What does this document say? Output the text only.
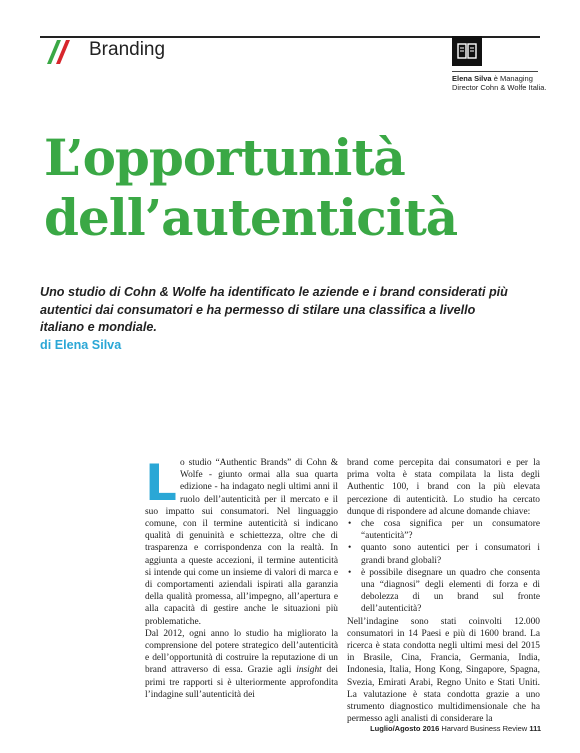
Branding
Elena Silva è Managing Director Cohn & Wolfe Italia.
L’opportunità
dell’autenticità
Uno studio di Cohn & Wolfe ha identificato le aziende e i brand considerati più autentici dai consumatori e ha permesso di stilare una classifica a livello italiano e mondiale.
di Elena Silva
L o studio “Authentic Brands” di Cohn & Wolfe - giunto ormai alla sua quarta edizione - ha indagato negli ultimi anni il ruolo dell’autenticità per il mercato e il suo impatto sui consumatori. Nel linguaggio comune, con il termine autenticità si indicano qualità di genuinità e schiettezza, oltre che di trasparenza e corrispondenza con la realtà. In aggiunta a queste accezioni, il termine autenticità si intende qui come un insieme di valori di marca e di comportamenti aziendali ispirati alla garanzia della qualità promessa, all’impegno, all’apertura e alla capacità di gestire anche le situazioni più problematiche.

Dal 2012, ogni anno lo studio ha migliorato la comprensione del potere strategico dell’autenticità e dell’opportunità di costruire la reputazione di un brand attraverso di essa. Grazie agli insight dei primi tre rapporti si è ulteriormente approfondita l’indagine sull’autenticità dei

brand come percepita dai consumatori e per la prima volta è stata compilata la lista degli Authentic 100, i brand con la più elevata percezione di autenticità. Lo studio ha cercato dunque di rispondere ad alcune domande chiave:

• che cosa significa per un consumatore “autenticità”?
• quanto sono autentici per i consumatori i grandi brand globali?
• è possibile disegnare un quadro che consenta una “diagnosi” degli elementi di forza e di debolezza di un brand sul fronte dell’autenticità?

Nell’indagine sono stati coinvolti 12.000 consumatori in 14 Paesi e più di 1600 brand. La ricerca è stata condotta negli ultimi mesi del 2015 in Brasile, Cina, Francia, Germania, India, Indonesia, Italia, Hong Kong, Singapore, Spagna, Svezia, Emirati Arabi, Regno Unito e Stati Uniti. La valutazione è stata condotta grazie a uno strumento diagnostico multidimensionale che ha permesso agli analisti di considerare la

Luglio/Agosto 2016 Harvard Business Review 111
